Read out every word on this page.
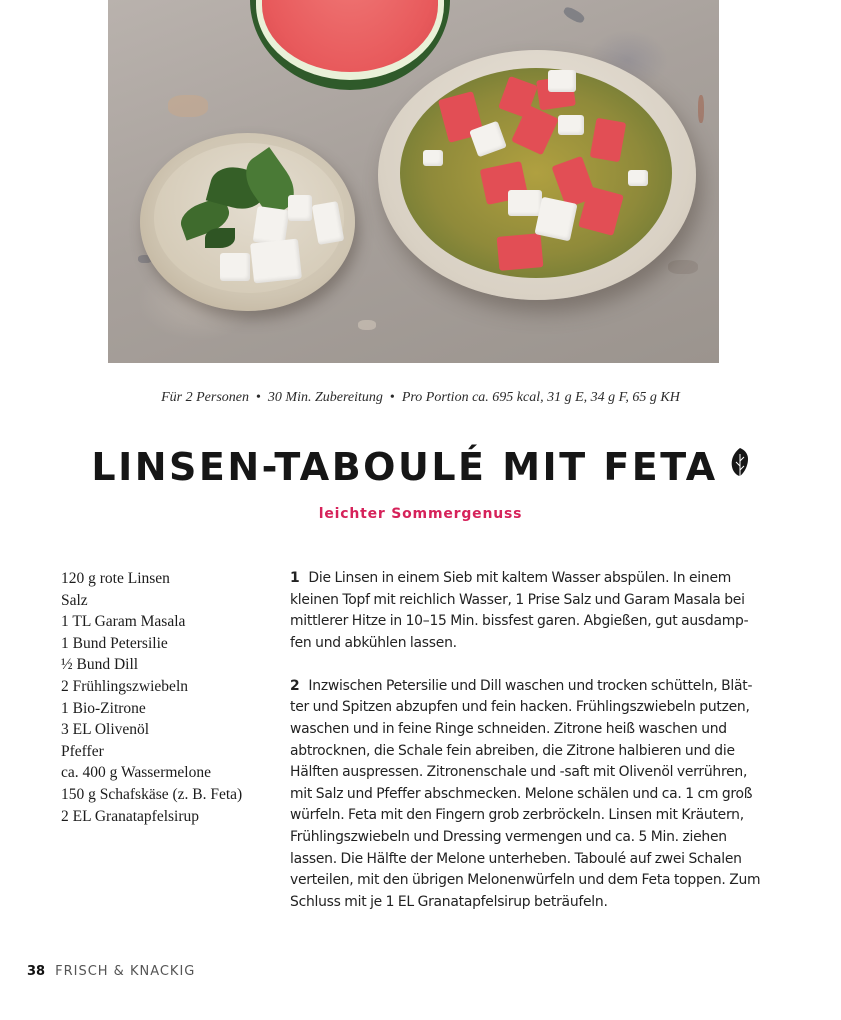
Für 2 Personen • 30 Min. Zubereitung • Pro Portion ca. 695 kcal, 31 g E, 34 g F, 65 g KH
LINSEN-TABOULÉ MIT FETA
leichter Sommergenuss
120 g rote Linsen
Salz
1 TL Garam Masala
1 Bund Petersilie
½ Bund Dill
2 Frühlingszwiebeln
1 Bio-Zitrone
3 EL Olivenöl
Pfeffer
ca. 400 g Wassermelone
150 g Schafskäse (z. B. Feta)
2 EL Granatapfelsirup

1 Die Linsen in einem Sieb mit kaltem Wasser abspülen. In einem kleinen Topf mit reichlich Wasser, 1 Prise Salz und Garam Masala bei mittlerer Hitze in 10–15 Min. bissfest garen. Abgießen, gut ausdampfen und abkühlen lassen.

2 Inzwischen Petersilie und Dill waschen und trocken schütteln, Blätter und Spitzen abzupfen und fein hacken. Frühlingszwiebeln putzen, waschen und in feine Ringe schneiden. Zitrone heiß waschen und abtrocknen, die Schale fein abreiben, die Zitrone halbieren und die Hälften auspressen. Zitronenschale und -saft mit Olivenöl verrühren, mit Salz und Pfeffer abschmecken. Melone schälen und ca. 1 cm groß würfeln. Feta mit den Fingern grob zerbröckeln. Linsen mit Kräutern, Frühlingszwiebeln und Dressing vermengen und ca. 5 Min. ziehen lassen. Die Hälfte der Melone unterheben. Taboulé auf zwei Schalen verteilen, mit den übrigen Melonenwürfeln und dem Feta toppen. Zum Schluss mit je 1 EL Granatapfelsirup beträufeln.

38 FRISCH & KNACKIG
